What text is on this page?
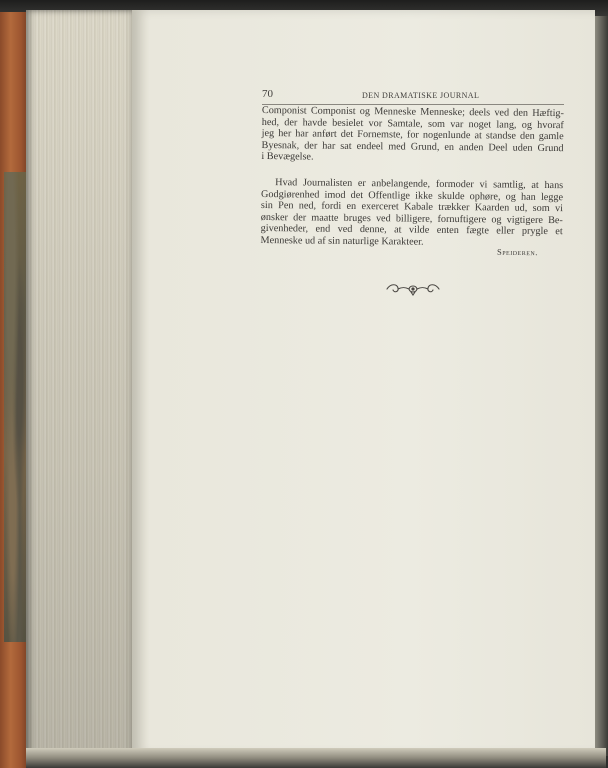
70	DEN DRAMATISKE JOURNAL

Componist Componist og Menneske Menneske; deels ved den Hæftig-
hed, der havde besielet vor Samtale, som var noget lang, og hvoraf
jeg her har anført det Fornemste, for nogenlunde at standse den gamle
Byesnak, der har sat endeel med Grund, en anden Deel uden Grund
i Bevægelse.

Hvad Journalisten er anbelangende, formoder vi samtlig, at hans
Godgiørenhed imod det Offentlige ikke skulde ophøre, og han legge
sin Pen ned, fordi en exerceret Kabale trækker Kaarden ud, som vi
ønsker der maatte bruges ved billigere, fornuftigere og vigtigere Be-
givenheder, end ved denne, at vilde enten fægte eller prygle et
Menneske ud af sin naturlige Karakteer.

Speideren.
